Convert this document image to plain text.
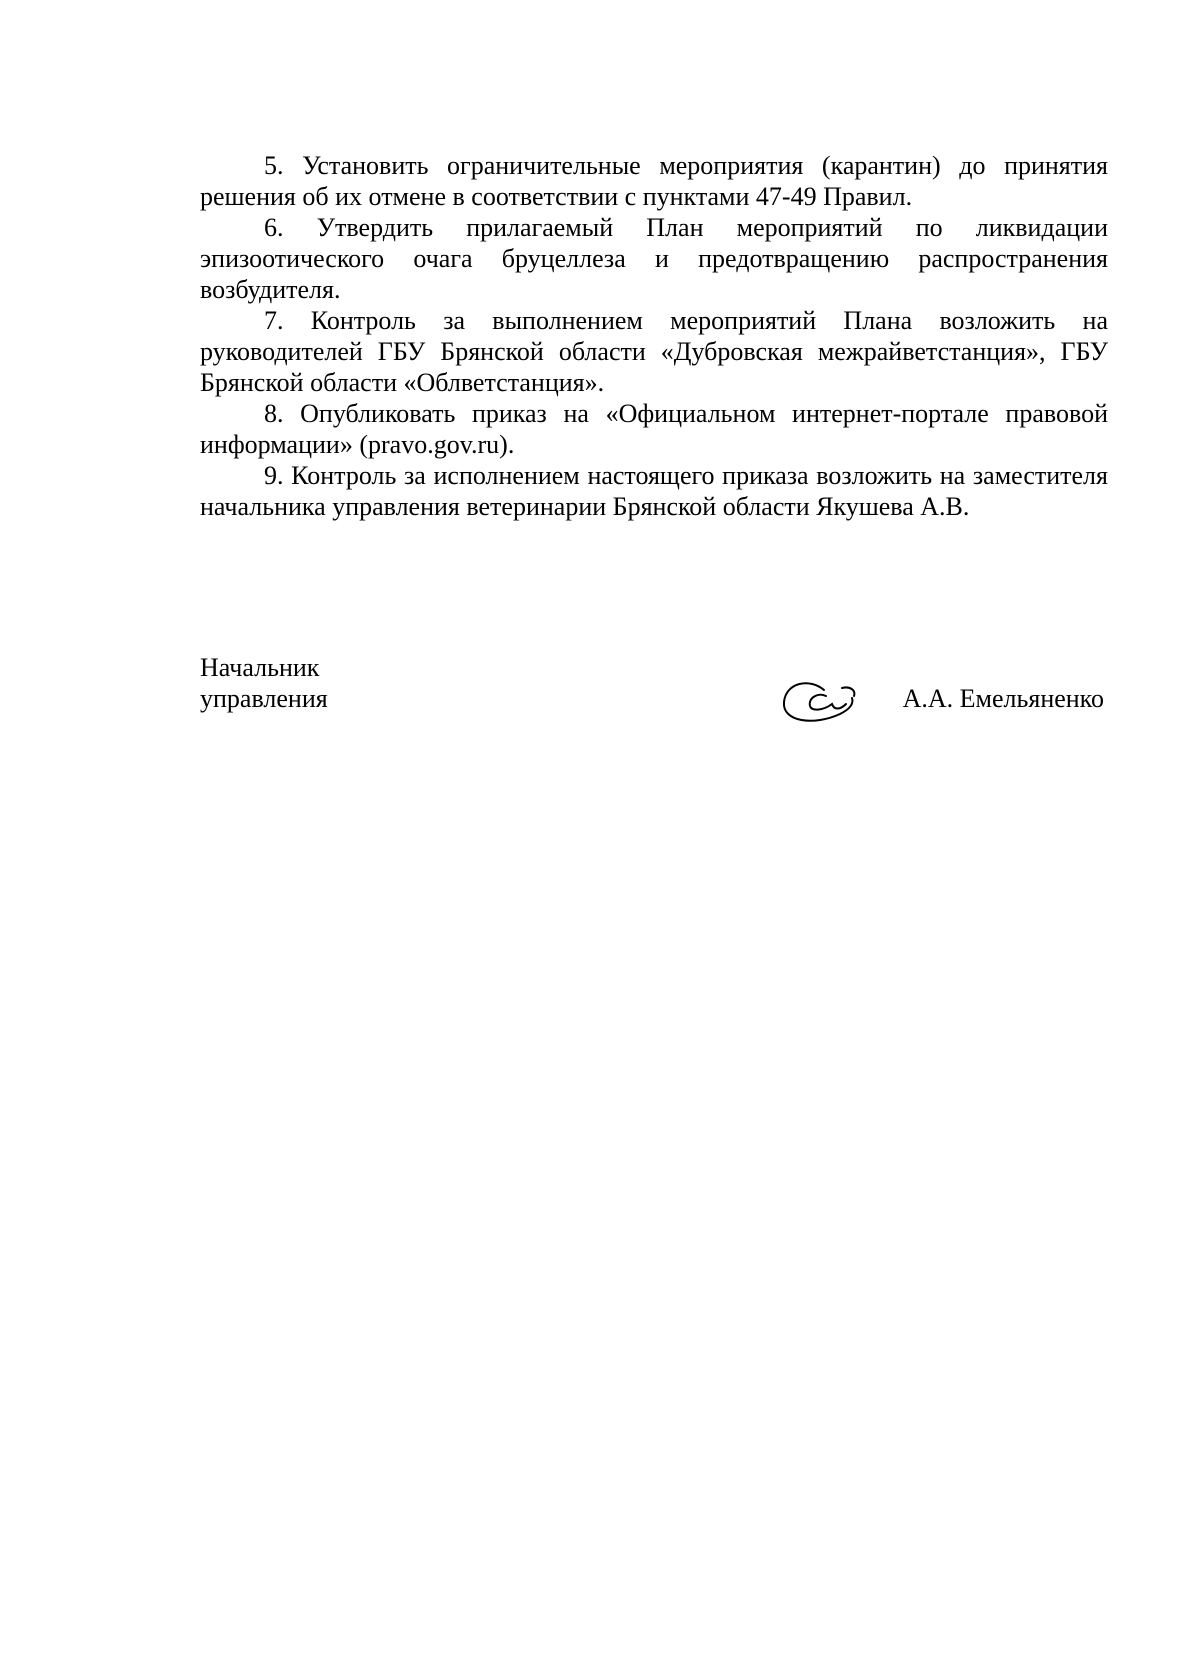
5. Установить ограничительные мероприятия (карантин) до принятия решения об их отмене в соответствии с пунктами 47-49 Правил.

6. Утвердить прилагаемый План мероприятий по ликвидации эпизоотического очага бруцеллеза и предотвращению распространения возбудителя.

7. Контроль за выполнением мероприятий Плана возложить на руководителей ГБУ Брянской области «Дубровская межрайветстанция», ГБУ Брянской области «Облветстанция».

8. Опубликовать приказ на «Официальном интернет-портале правовой информации» (pravo.gov.ru).

9. Контроль за исполнением настоящего приказа возложить на заместителя начальника управления ветеринарии Брянской области Якушева А.В.

Начальник
управления	А.А. Емельяненко
